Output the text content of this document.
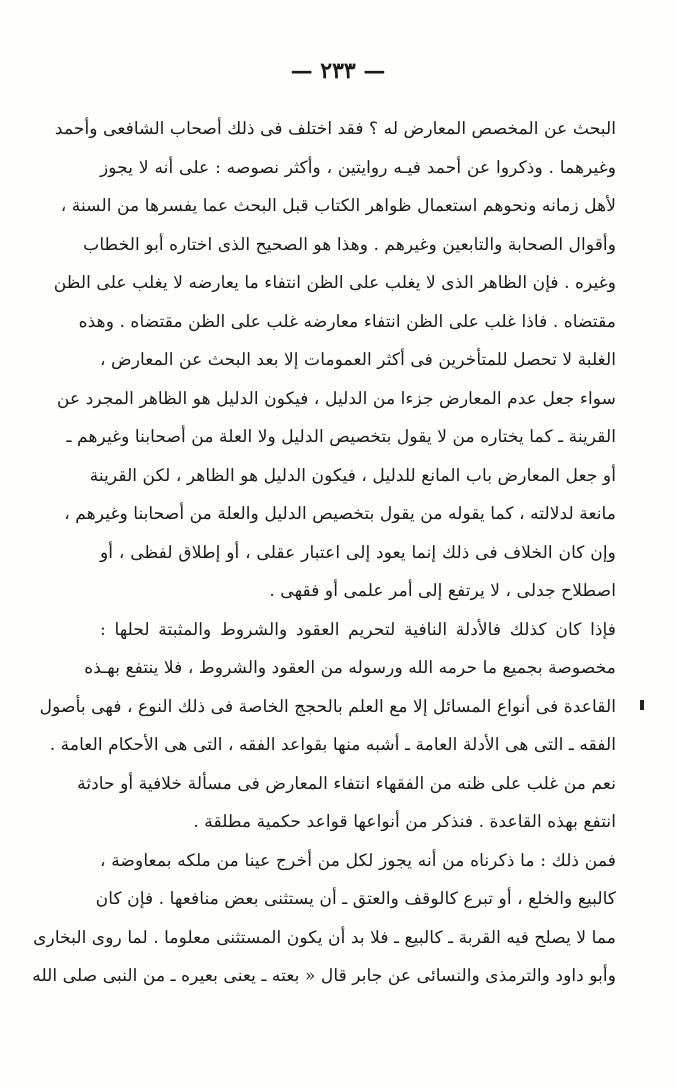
— ٢٣٣ —
البحث عن المخصص المعارض له ؟ فقد اختلف فى ذلك أصحاب الشافعى وأحمد
وغيرهما . وذكروا عن أحمد فيـه روايتين ، وأكثر نصوصه : على أنه لا يجوز
لأهل زمانه ونحوهم استعمال ظواهر الكتاب قبل البحث عما يفسرها من السنة ،
وأقوال الصحابة والتابعين وغيرهم . وهذا هو الصحيح الذى اختاره أبو الخطاب
وغيره . فإن الظاهر الذى لا يغلب على الظن انتفاء ما يعارضه لا يغلب على الظن
مقتضاه . فاذا غلب على الظن انتفاء معارضه غلب على الظن مقتضاه . وهذه
الغلبة لا تحصل للمتأخرين فى أكثر العمومات إلا بعد البحث عن المعارض ،
سواء جعل عدم المعارض جزءا من الدليل ، فيكون الدليل هو الظاهر المجرد عن
القرينة ـ كما يختاره من لا يقول بتخصيص الدليل ولا العلة من أصحابنا وغيرهم ـ
أو جعل المعارض باب المانع للدليل ، فيكون الدليل هو الظاهر ، لكن القرينة
مانعة لدلالته ، كما يقوله من يقول بتخصيص الدليل والعلة من أصحابنا وغيرهم ،
وإن كان الخلاف فى ذلك إنما يعود إلى اعتبار عقلى ، أو إطلاق لفظى ، أو
اصطلاح جدلى ، لا يرتفع إلى أمر علمى أو فقهى .
فإذا كان كذلك فالأدلة النافية لتحريم العقود والشروط والمثبتة لحلها :
مخصوصة بجميع ما حرمه الله ورسوله من العقود والشروط ، فلا ينتفع بهـذه
القاعدة فى أنواع المسائل إلا مع العلم بالحجج الخاصة فى ذلك النوع ، فهى بأصول
الفقه ـ التى هى الأدلة العامة ـ أشبه منها بقواعد الفقه ، التى هى الأحكام العامة .
نعم من غلب على ظنه من الفقهاء انتفاء المعارض فى مسألة خلافية أو حادثة
انتفع بهذه القاعدة . فنذكر من أنواعها قواعد حكمية مطلقة .
فمن ذلك : ما ذكرناه من أنه يجوز لكل من أخرج عينا من ملكه بمعاوضة ،
كالبيع والخلع ، أو تبرع كالوقف والعتق ـ أن يستثنى بعض منافعها . فإن كان
مما لا يصلح فيه القربة ـ كالبيع ـ فلا بد أن يكون المستثنى معلوما . لما روى البخارى
وأبو داود والترمذى والنسائى عن جابر قال « بعته ـ يعنى بعيره ـ من النبى صلى الله
